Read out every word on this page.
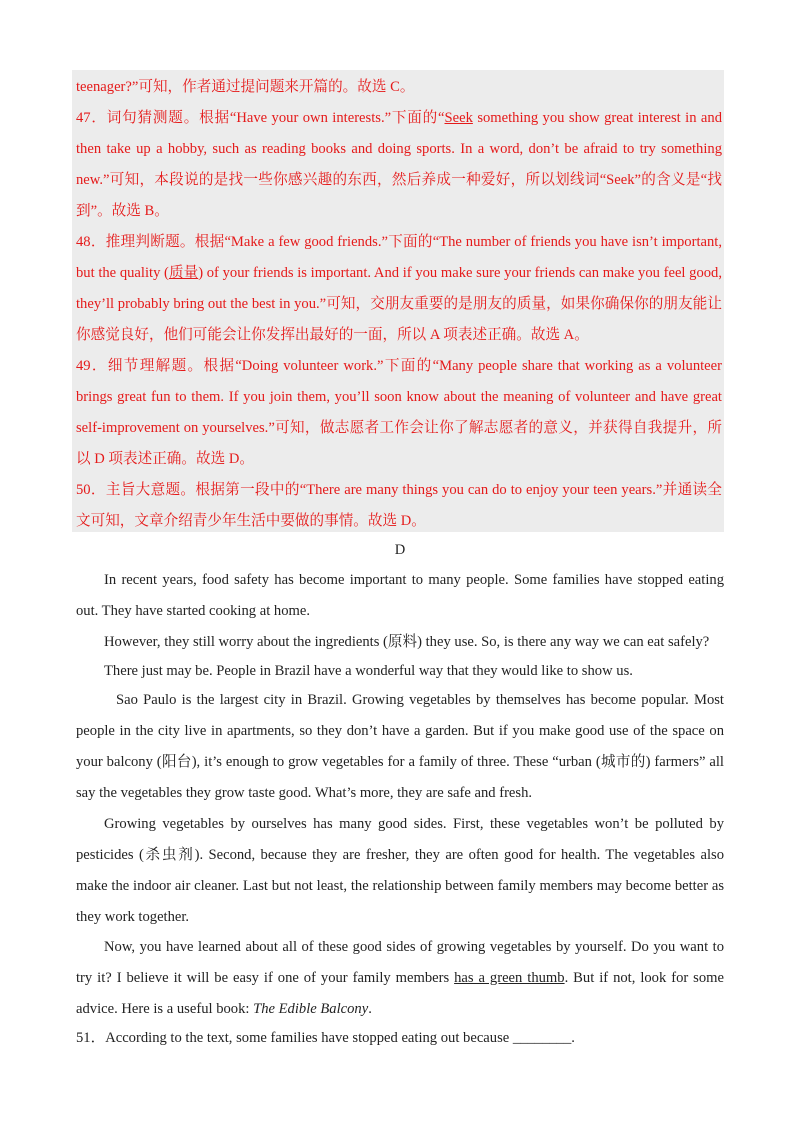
teenager?”可知，作者通过提问题来开篇的。故选 C。

47．词句猜测题。根据“Have your own interests.”下面的“Seek something you show great interest in and then take up a hobby, such as reading books and doing sports. In a word, don’t be afraid to try something new.”可知，本段说的是找一些你感兴趣的东西，然后养成一种爱好，所以划线词“Seek”的含义是“找到”。故选 B。

48．推理判断题。根据“Make a few good friends.”下面的“The number of friends you have isn’t important, but the quality (质量) of your friends is important. And if you make sure your friends can make you feel good, they’ll probably bring out the best in you.”可知，交朋友重要的是朋友的质量，如果你确保你的朋友能让你感觉良好，他们可能会让你发挥出最好的一面，所以 A 项表述正确。故选 A。

49．细节理解题。根据“Doing volunteer work.”下面的“Many people share that working as a volunteer brings great fun to them. If you join them, you’ll soon know about the meaning of volunteer and have great self-improvement on yourselves.”可知，做志愿者工作会让你了解志愿者的意义，并获得自我提升，所以 D 项表述正确。故选 D。

50．主旨大意题。根据第一段中的“There are many things you can do to enjoy your teen years.”并通读全文可知，文章介绍青少年生活中要做的事情。故选 D。

D

In recent years, food safety has become important to many people. Some families have stopped eating out. They have started cooking at home.

However, they still worry about the ingredients (原料) they use. So, is there any way we can eat safely?

There just may be. People in Brazil have a wonderful way that they would like to show us.

Sao Paulo is the largest city in Brazil. Growing vegetables by themselves has become popular. Most people in the city live in apartments, so they don’t have a garden. But if you make good use of the space on your balcony (阳台), it’s enough to grow vegetables for a family of three. These “urban (城市的) farmers” all say the vegetables they grow taste good. What’s more, they are safe and fresh.

Growing vegetables by ourselves has many good sides. First, these vegetables won’t be polluted by pesticides (杀虫剂). Second, because they are fresher, they are often good for health. The vegetables also make the indoor air cleaner. Last but not least, the relationship between family members may become better as they work together.

Now, you have learned about all of these good sides of growing vegetables by yourself. Do you want to try it? I believe it will be easy if one of your family members has a green thumb. But if not, look for some advice. Here is a useful book: The Edible Balcony.

51．According to the text, some families have stopped eating out because ________.
